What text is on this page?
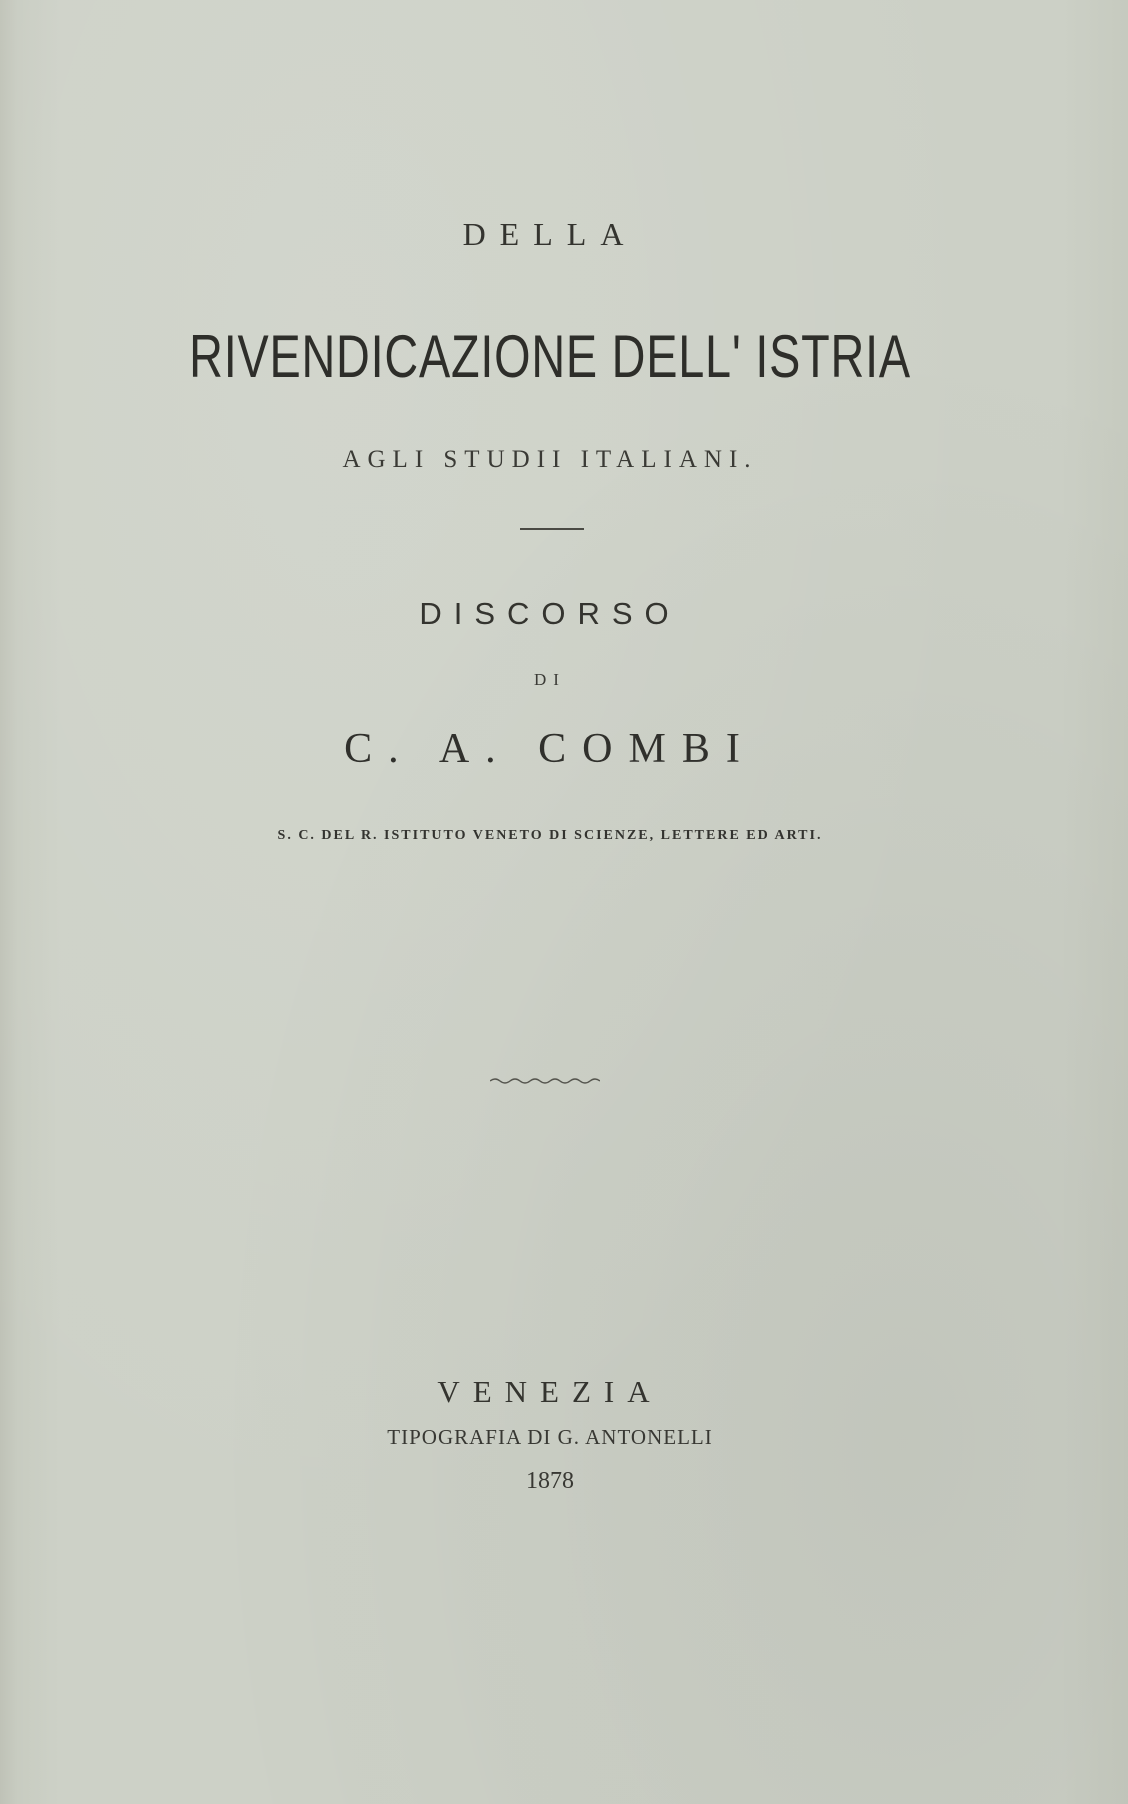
DELLA
RIVENDICAZIONE DELL' ISTRIA
AGLI STUDII ITALIANI.
DISCORSO
DI
C. A. COMBI
S. C. DEL R. ISTITUTO VENETO DI SCIENZE, LETTERE ED ARTI.
VENEZIA
TIPOGRAFIA DI G. ANTONELLI
1878
